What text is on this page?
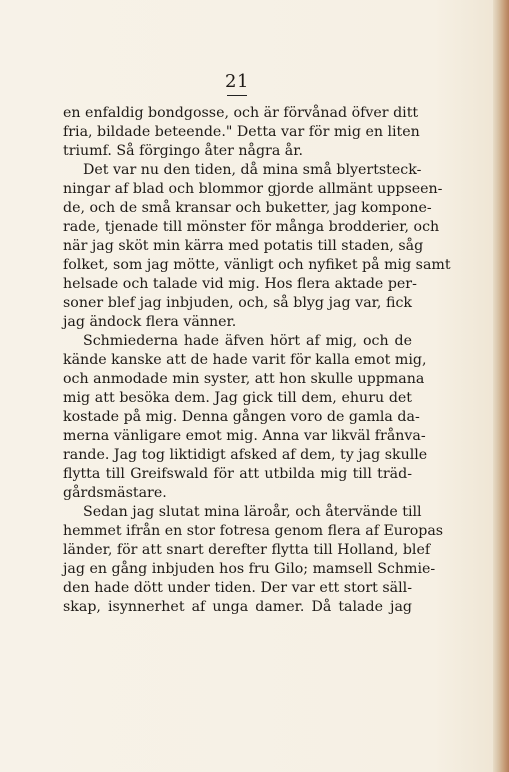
21
en enfaldig bondgosse, och är förvånad öfver ditt
fria, bildade beteende." Detta var för mig en liten
triumf. Så förgingo åter några år.
Det var nu den tiden, då mina små blyertsteck-
ningar af blad och blommor gjorde allmänt uppseen-
de, och de små kransar och buketter, jag kompone-
rade, tjenade till mönster för många brodderier, och
när jag sköt min kärra med potatis till staden, såg
folket, som jag mötte, vänligt och nyfiket på mig samt
helsade och talade vid mig. Hos flera aktade per-
soner blef jag inbjuden, och, så blyg jag var, fick
jag ändock flera vänner.
Schmiederna hade äfven hört af mig, och de
kände kanske att de hade varit för kalla emot mig,
och anmodade min syster, att hon skulle uppmana
mig att besöka dem. Jag gick till dem, ehuru det
kostade på mig. Denna gången voro de gamla da-
merna vänligare emot mig. Anna var likväl frånva-
rande. Jag tog liktidigt afsked af dem, ty jag skulle
flytta till Greifswald för att utbilda mig till träd-
gårdsmästare.
Sedan jag slutat mina läroår, och återvände till
hemmet ifrån en stor fotresa genom flera af Europas
länder, för att snart derefter flytta till Holland, blef
jag en gång inbjuden hos fru Gilo; mamsell Schmie-
den hade dött under tiden. Der var ett stort säll-
skap, isynnerhet af unga damer. Då talade jag
